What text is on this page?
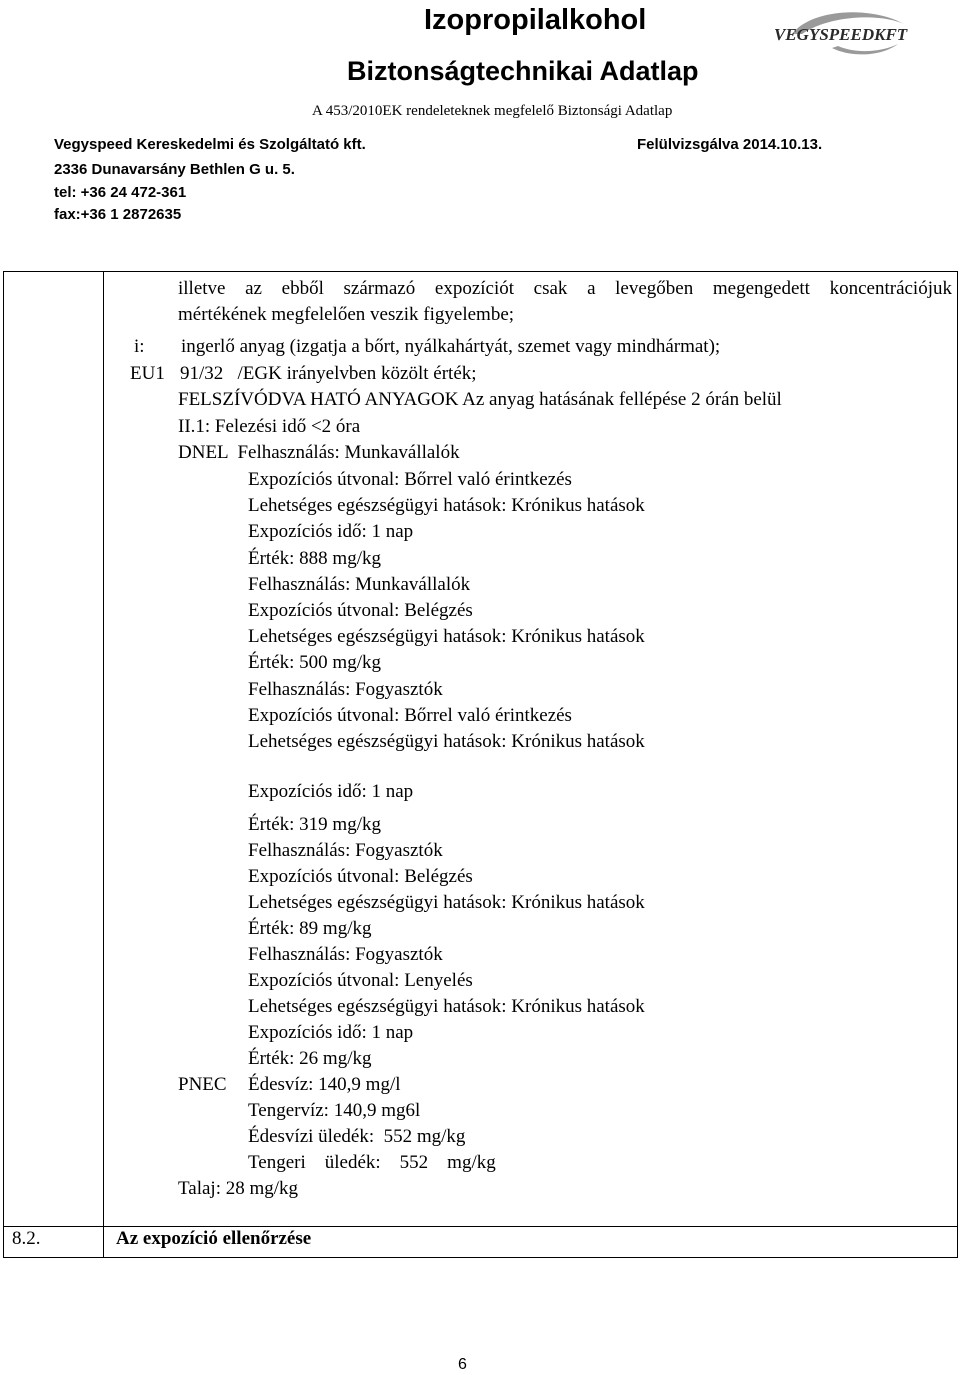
Izopropilalkohol
Biztonságtechnikai Adatlap
A 453/2010EK rendeleteknek megfelelő Biztonsági Adatlap
Vegyspeed Kereskedelmi és Szolgáltató kft.	Felülvizsgálva 2014.10.13.
2336 Dunavarsány Bethlen G u. 5.
tel: +36 24 472-361
fax:+36 1 2872635
VEGYSPEEDKFT
illetve az ebből származó expozíciót csak a levegőben megengedett koncentrációjuk
mértékének megfelelően veszik figyelembe;
i: ingerlő anyag (izgatja a bőrt, nyálkahártyát, szemet vagy mindhármat);
EU1 91/32   /EGK irányelvben közölt érték;
FELSZÍVÓDVA HATÓ ANYAGOK Az anyag hatásának fellépése 2 órán belül
II.1: Felezési idő <2 óra
DNEL  Felhasználás: Munkavállalók
Expozíciós útvonal: Bőrrel való érintkezés
Lehetséges egészségügyi hatások: Krónikus hatások
Expozíciós idő: 1 nap
Érték: 888 mg/kg
Felhasználás: Munkavállalók
Expozíciós útvonal: Belégzés
Lehetséges egészségügyi hatások: Krónikus hatások
Érték: 500 mg/kg
Felhasználás: Fogyasztók
Expozíciós útvonal: Bőrrel való érintkezés
Lehetséges egészségügyi hatások: Krónikus hatások
Expozíciós idő: 1 nap
Érték: 319 mg/kg
Felhasználás: Fogyasztók
Expozíciós útvonal: Belégzés
Lehetséges egészségügyi hatások: Krónikus hatások
Érték: 89 mg/kg
Felhasználás: Fogyasztók
Expozíciós útvonal: Lenyelés
Lehetséges egészségügyi hatások: Krónikus hatások
Expozíciós idő: 1 nap
Érték: 26 mg/kg
PNEC Édesvíz: 140,9 mg/l
Tengervíz: 140,9 mg6l
Édesvízi üledék:  552 mg/kg
Tengeri    üledék:    552    mg/kg
Talaj: 28 mg/kg
8.2.	Az expozíció ellenőrzése
6
